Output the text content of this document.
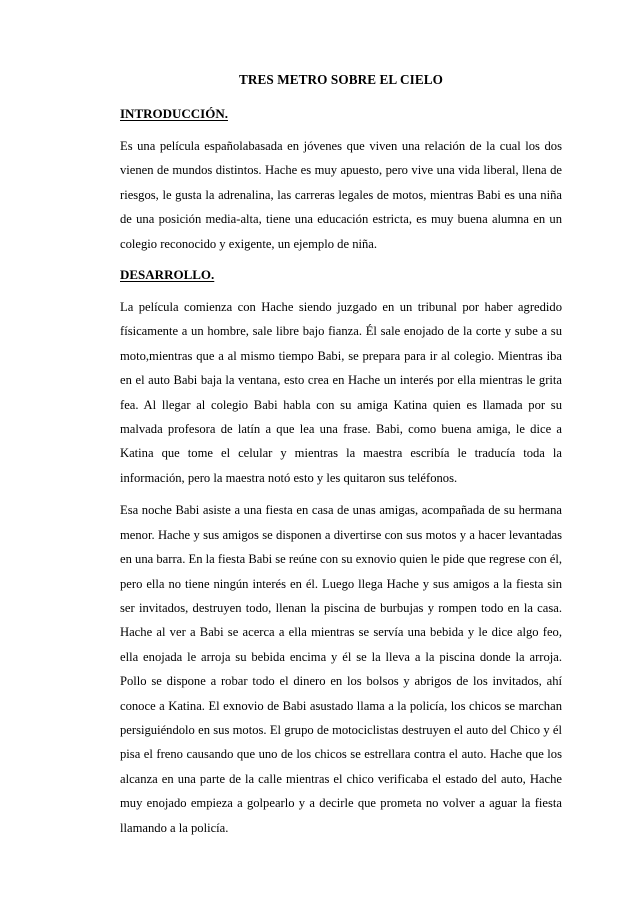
TRES METRO SOBRE EL CIELO
INTRODUCCIÓN.

Es una película españolabasada en jóvenes que viven una relación de la cual los dos vienen de mundos distintos. Hache es muy apuesto, pero vive una vida liberal, llena de riesgos, le gusta la adrenalina, las carreras legales de motos, mientras Babi es una niña de una posición media-alta, tiene una educación estricta, es muy buena alumna en un colegio reconocido y exigente, un ejemplo de niña.

DESARROLLO.

La película comienza con Hache siendo juzgado en un tribunal por haber agredido físicamente a un hombre, sale libre bajo fianza. Él sale enojado de la corte y sube a su moto,mientras que a al mismo tiempo Babi, se prepara para ir al colegio. Mientras iba en el auto Babi baja la ventana, esto crea en Hache un interés por ella mientras le grita fea. Al llegar al colegio Babi habla con su amiga Katina quien es llamada por su malvada profesora de latín a que lea una frase. Babi, como buena amiga, le dice a Katina que tome el celular y mientras la maestra escribía le traducía toda la información, pero la maestra notó esto y les quitaron sus teléfonos.

Esa noche Babi asiste a una fiesta en casa de unas amigas, acompañada de su hermana menor. Hache y sus amigos se disponen a divertirse con sus motos y a hacer levantadas en una barra. En la fiesta Babi se reúne con su exnovio quien le pide que regrese con él, pero ella no tiene ningún interés en él. Luego llega Hache y sus amigos a la fiesta sin ser invitados, destruyen todo, llenan la piscina de burbujas y rompen todo en la casa. Hache al ver a Babi se acerca a ella mientras se servía una bebida y le dice algo feo, ella enojada le arroja su bebida encima y él se la lleva a la piscina donde la arroja. Pollo se dispone a robar todo el dinero en los bolsos y abrigos de los invitados, ahí conoce a Katina. El exnovio de Babi asustado llama a la policía, los chicos se marchan persiguiéndolo en sus motos. El grupo de motociclistas destruyen el auto del Chico y él pisa el freno causando que uno de los chicos se estrellara contra el auto. Hache que los alcanza en una parte de la calle mientras el chico verificaba el estado del auto, Hache muy enojado empieza a golpearlo y a decirle que prometa no volver a aguar la fiesta llamando a la policía.
